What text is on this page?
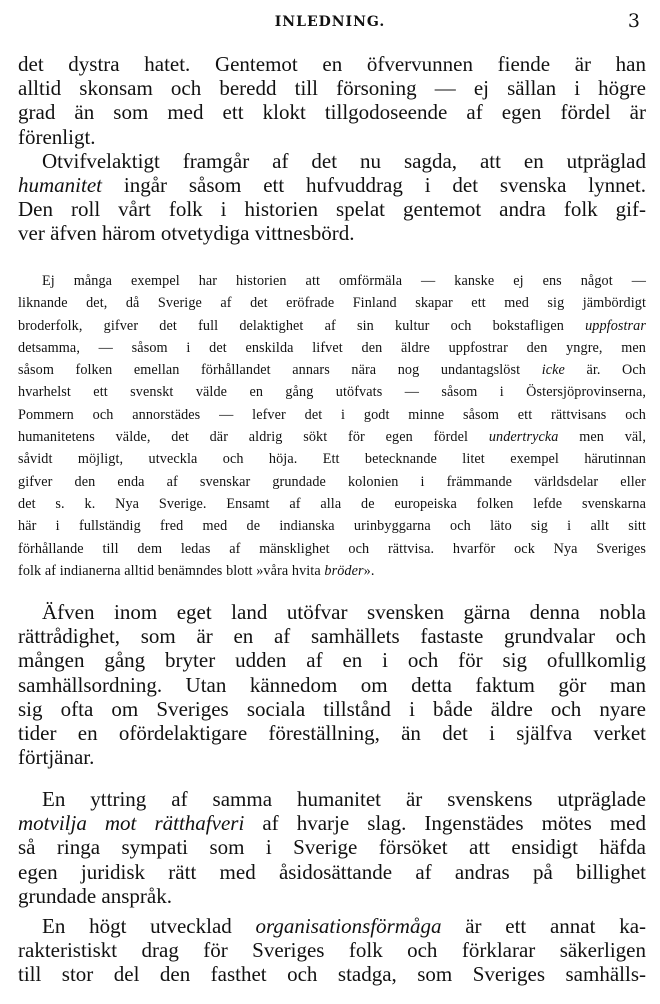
INLEDNING.	3
det dystra hatet. Gentemot en öfvervunnen fiende är han
alltid skonsam och beredd till försoning — ej sällan i högre
grad än som med ett klokt tillgodoseende af egen fördel är
förenligt.
Otvifvelaktigt framgår af det nu sagda, att en utpräglad
humanitet ingår såsom ett hufvuddrag i det svenska lynnet.
Den roll vårt folk i historien spelat gentemot andra folk gif-
ver äfven härom otvetydiga vittnesbörd.
Ej många exempel har historien att omförmäla — kanske ej ens något —
liknande det, då Sverige af det eröfrade Finland skapar ett med sig jämbördigt
broderfolk, gifver det full delaktighet af sin kultur och bokstafligen uppfostrar
detsamma, — såsom i det enskilda lifvet den äldre uppfostrar den yngre, men
såsom folken emellan förhållandet annars nära nog undantagslöst icke är. Och
hvarhelst ett svenskt välde en gång utöfvats — såsom i Östersjöprovinserna,
Pommern och annorstädes — lefver det i godt minne såsom ett rättvisans och
humanitetens välde, det där aldrig sökt för egen fördel undertrycka men väl,
såvidt möjligt, utveckla och höja. Ett betecknande litet exempel härutinnan
gifver den enda af svenskar grundade kolonien i främmande världsdelar eller
det s. k. Nya Sverige. Ensamt af alla de europeiska folken lefde svenskarna
här i fullständig fred med de indianska urinbyggarna och läto sig i allt sitt
förhållande till dem ledas af mänsklighet och rättvisa. hvarför ock Nya Sveriges
folk af indianerna alltid benämndes blott »våra hvita bröder».
Äfven inom eget land utöfvar svensken gärna denna nobla
rättrådighet, som är en af samhällets fastaste grundvalar och
mången gång bryter udden af en i och för sig ofullkomlig
samhällsordning. Utan kännedom om detta faktum gör man
sig ofta om Sveriges sociala tillstånd i både äldre och nyare
tider en ofördelaktigare föreställning, än det i själfva verket
förtjänar.
En yttring af samma humanitet är svenskens utpräglade
motvilja mot rätthafveri af hvarje slag. Ingenstädes mötes med
så ringa sympati som i Sverige försöket att ensidigt häfda
egen juridisk rätt med åsidosättande af andras på billighet
grundade anspråk.
En högt utvecklad organisationsförmåga är ett annat ka-
rakteristiskt drag för Sveriges folk och förklarar säkerligen
till stor del den fasthet och stadga, som Sveriges samhälls-
